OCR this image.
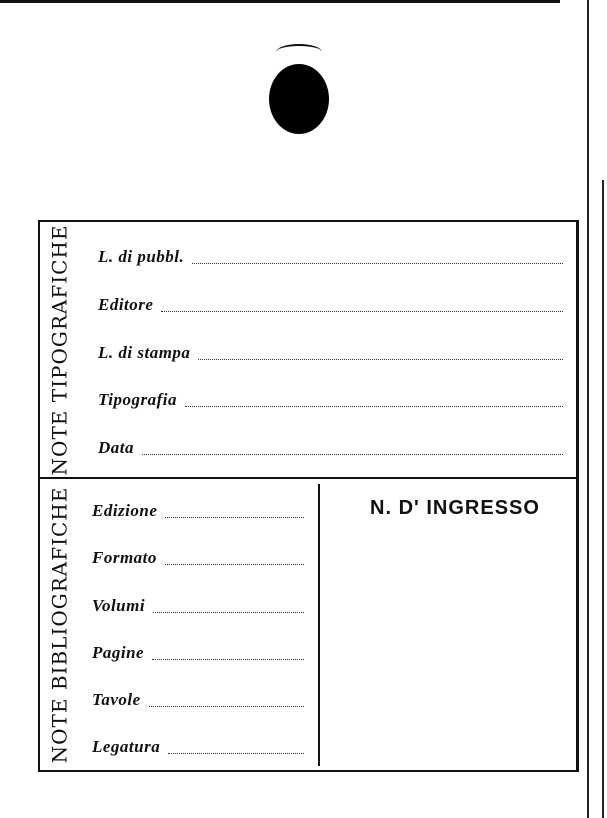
NOTE TIPOGRAFICHE L. di pubbl.
Editore
L. di stampa
Tipografia
Data
NOTE BIBLIOGRAFICHE Edizione
Formato
Volumi
Pagine
Tavole
Legatura
N. D' INGRESSO
